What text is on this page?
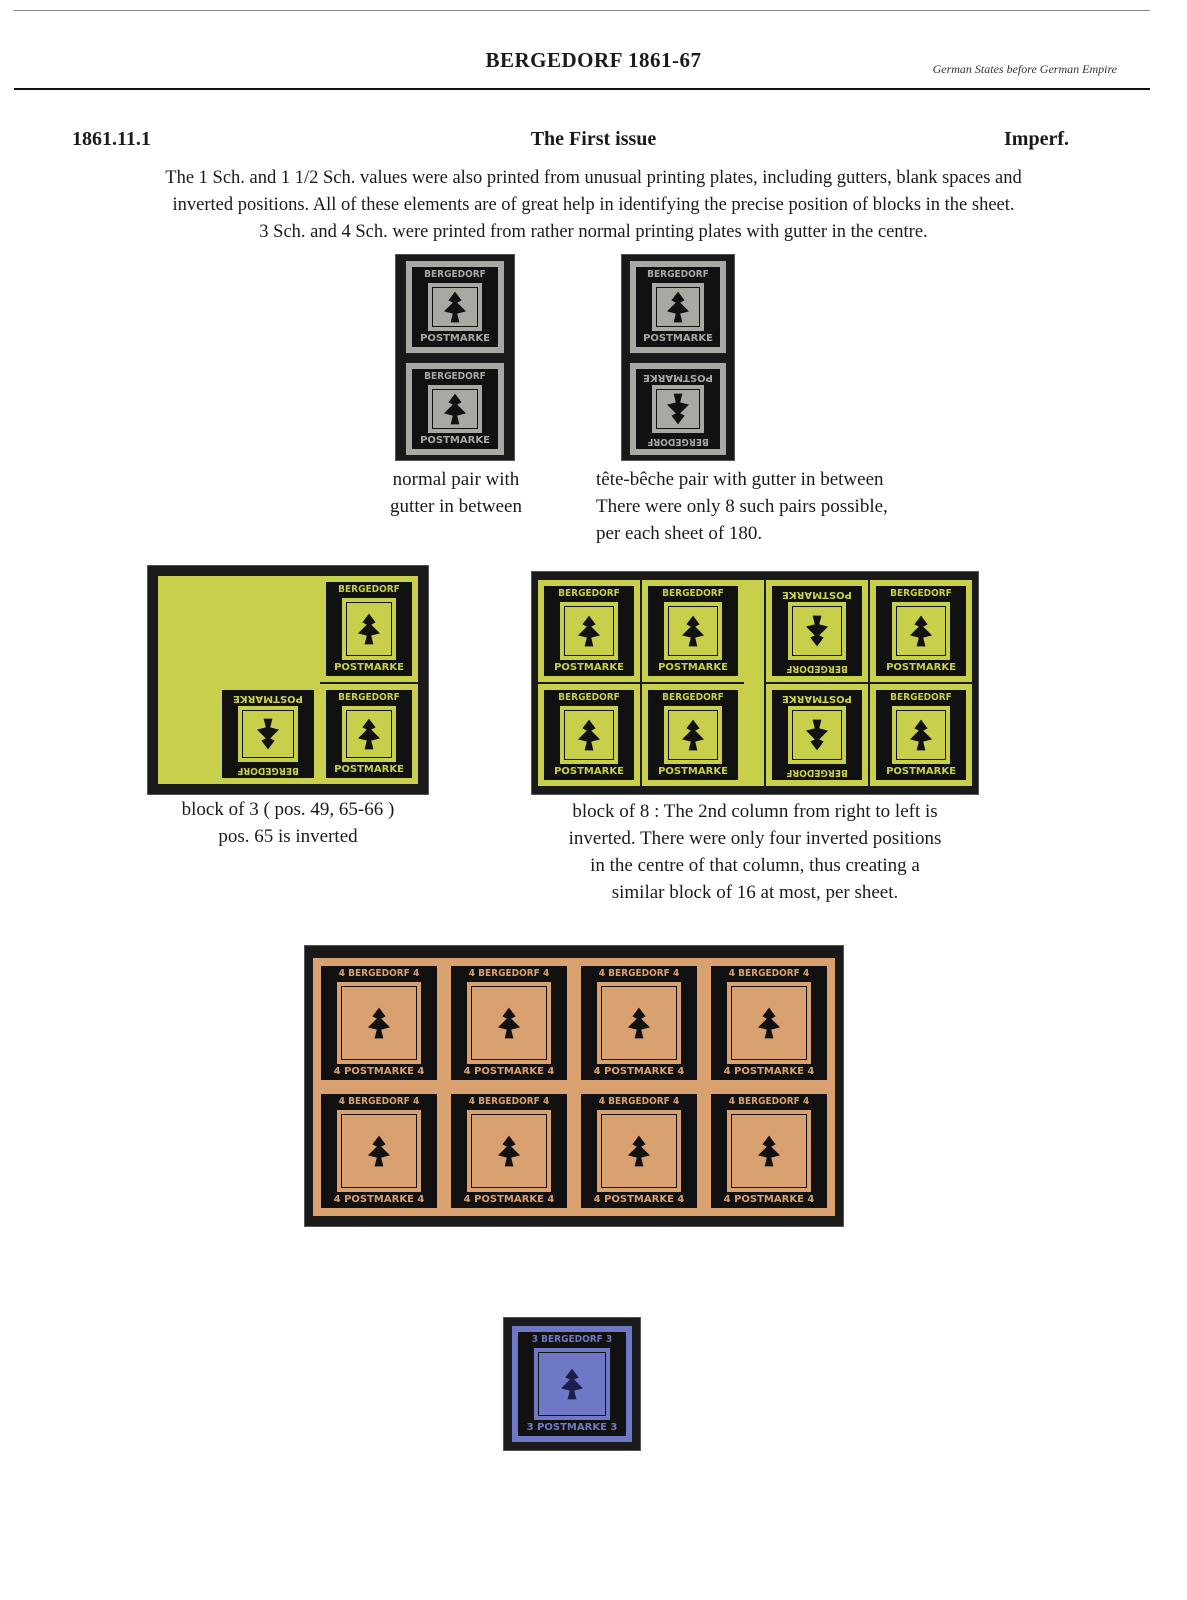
BERGEDORF 1861-67	German States before German Empire
1861.11.1	The First issue	Imperf.
The 1 Sch. and 1 1/2 Sch. values were also printed from unusual printing plates, including gutters, blank spaces and
inverted positions. All of these elements are of great help in identifying the precise position of blocks in the sheet.
3 Sch. and 4 Sch. were printed from rather normal printing plates with gutter in the centre.
BERGEDORF
POSTMARKE
BERGEDORF
POSTMARKE
BERGEDORF
POSTMARKE
BERGEDORF
POSTMARKE
normal pair with
gutter in between
tête-bêche pair with gutter in between
There were only 8 such pairs possible,
per each sheet of 180.
BERGEDORF
POSTMARKE
BERGEDORF
POSTMARKE	BERGEDORF
POSTMARKE
block of 3 ( pos. 49, 65-66 )
pos. 65 is inverted
BERGEDORF
POSTMARKE
BERGEDORF
POSTMARKE	BERGEDORF
POSTMARKE	BERGEDORF
POSTMARKE
BERGEDORF
POSTMARKE
BERGEDORF
POSTMARKE	BERGEDORF
POSTMARKE	BERGEDORF
POSTMARKE
block of 8 : The 2nd column from right to left is
inverted. There were only four inverted positions
in the centre of that column, thus creating a
similar block of 16 at most, per sheet.
4 BERGEDORF 4
4 POSTMARKE 4
4 BERGEDORF 4
4 POSTMARKE 4
4 BERGEDORF 4
4 POSTMARKE 4
4 BERGEDORF 4
4 POSTMARKE 4
4 BERGEDORF 4
4 POSTMARKE 4
4 BERGEDORF 4
4 POSTMARKE 4
4 BERGEDORF 4
4 POSTMARKE 4
4 BERGEDORF 4
4 POSTMARKE 4
3 BERGEDORF 3
3 POSTMARKE 3
